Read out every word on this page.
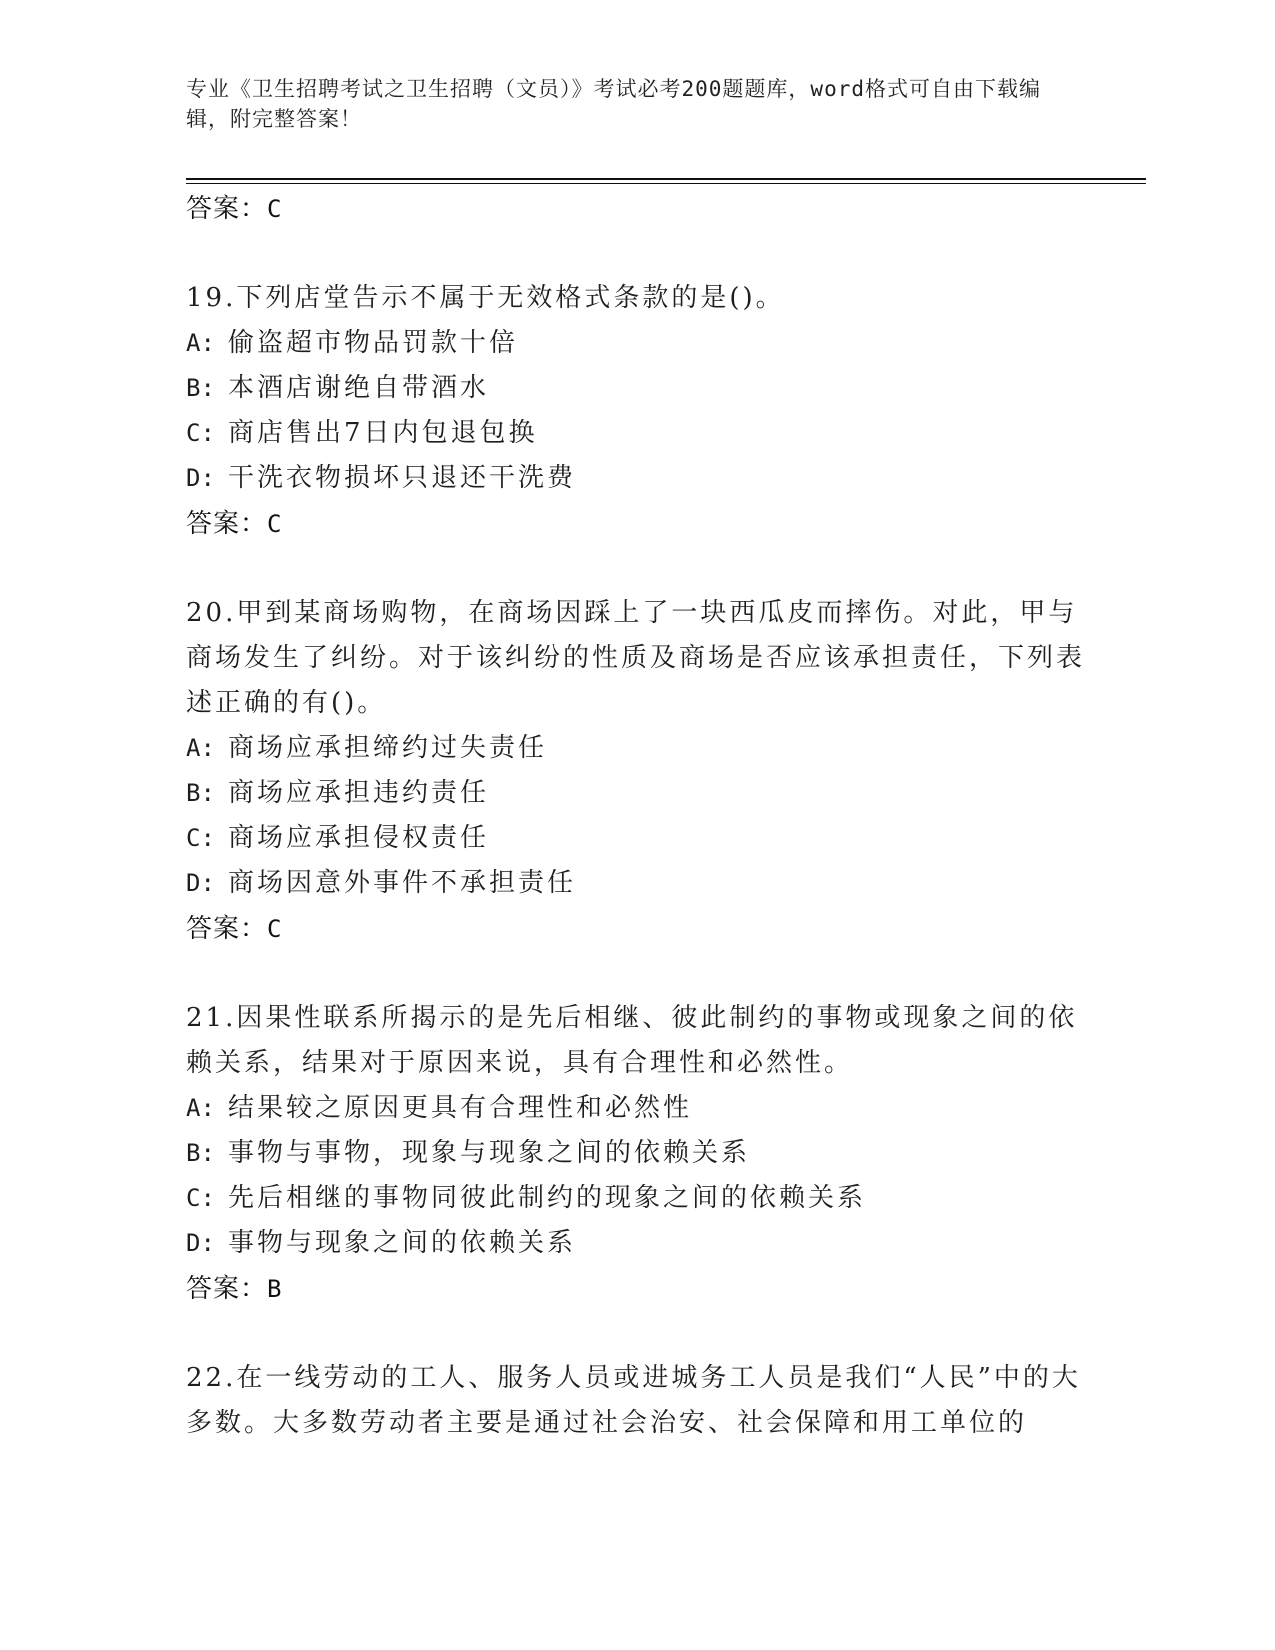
专业《卫生招聘考试之卫生招聘（文员）》考试必考200题题库，word格式可自由下载编辑，附完整答案！
答案：C
19.下列店堂告示不属于无效格式条款的是()。
A: 偷盗超市物品罚款十倍
B: 本酒店谢绝自带酒水
C: 商店售出7日内包退包换
D: 干洗衣物损坏只退还干洗费
答案：C
20.甲到某商场购物，在商场因踩上了一块西瓜皮而摔伤。对此，甲与商场发生了纠纷。对于该纠纷的性质及商场是否应该承担责任，下列表述正确的有()。
A: 商场应承担缔约过失责任
B: 商场应承担违约责任
C: 商场应承担侵权责任
D: 商场因意外事件不承担责任
答案：C
21.因果性联系所揭示的是先后相继、彼此制约的事物或现象之间的依赖关系，结果对于原因来说，具有合理性和必然性。
A: 结果较之原因更具有合理性和必然性
B: 事物与事物，现象与现象之间的依赖关系
C: 先后相继的事物同彼此制约的现象之间的依赖关系
D: 事物与现象之间的依赖关系
答案：B
22.在一线劳动的工人、服务人员或进城务工人员是我们“人民”中的大多数。大多数劳动者主要是通过社会治安、社会保障和用工单位的
